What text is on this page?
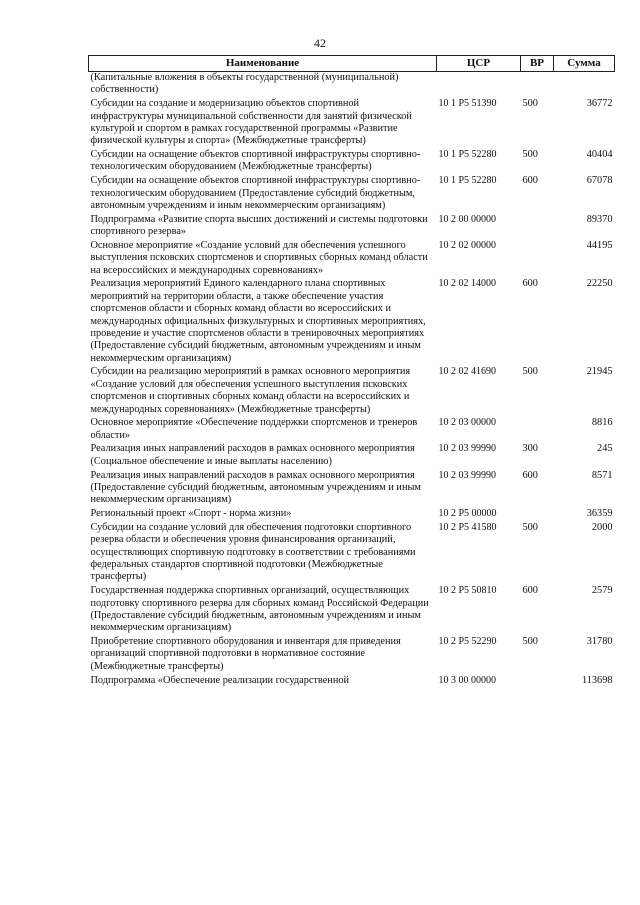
42
Наименование	ЦСР	ВР	Сумма
(Капитальные вложения в объекты государственной (муниципальной) собственности)			
Субсидии на создание и модернизацию объектов спортивной инфраструктуры муниципальной собственности для занятий физической культурой и спортом в рамках государственной программы «Развитие физической культуры и спорта» (Межбюджетные трансферты)	10 1 Р5 51390	500	36772
Субсидии на оснащение объектов спортивной инфраструктуры спортивно-технологическим оборудованием (Межбюджетные трансферты)	10 1 Р5 52280	500	40404
Субсидии на оснащение объектов спортивной инфраструктуры спортивно-технологическим оборудованием (Предоставление субсидий бюджетным, автономным учреждениям и иным некоммерческим организациям)	10 1 Р5 52280	600	67078
Подпрограмма «Развитие спорта высших достижений и системы подготовки спортивного резерва»	10 2 00 00000		89370
Основное мероприятие «Создание условий для обеспечения успешного выступления псковских спортсменов и спортивных сборных команд области на всероссийских и международных соревнованиях»	10 2 02 00000		44195
Реализация мероприятий Единого календарного плана спортивных мероприятий на территории области, а также обеспечение участия спортсменов области и сборных команд области во всероссийских и международных официальных физкультурных и спортивных мероприятиях, проведение и участие спортсменов области в тренировочных мероприятиях (Предоставление субсидий бюджетным, автономным учреждениям и иным некоммерческим организациям)	10 2 02 14000	600	22250
Субсидии на реализацию мероприятий в рамках основного мероприятия «Создание условий для обеспечения успешного выступления псковских спортсменов и спортивных сборных команд области на всероссийских и международных соревнованиях» (Межбюджетные трансферты)	10 2 02 41690	500	21945
Основное мероприятие «Обеспечение поддержки спортсменов и тренеров области»	10 2 03 00000		8816
Реализация иных направлений расходов в рамках основного мероприятия (Социальное обеспечение и иные выплаты населению)	10 2 03 99990	300	245
Реализация иных направлений расходов в рамках основного мероприятия (Предоставление субсидий бюджетным, автономным учреждениям и иным некоммерческим организациям)	10 2 03 99990	600	8571
Региональный проект «Спорт - норма жизни»	10 2 Р5 00000		36359
Субсидии на создание условий для обеспечения подготовки спортивного резерва области и обеспечения уровня финансирования организаций, осуществляющих спортивную подготовку в соответствии с требованиями федеральных стандартов спортивной подготовки (Межбюджетные трансферты)	10 2 Р5 41580	500	2000
Государственная поддержка спортивных организаций, осуществляющих подготовку спортивного резерва для сборных команд Российской Федерации (Предоставление субсидий бюджетным, автономным учреждениям и иным некоммерческим организациям)	10 2 Р5 50810	600	2579
Приобретение спортивного оборудования и инвентаря для приведения организаций спортивной подготовки в нормативное состояние (Межбюджетные трансферты)	10 2 Р5 52290	500	31780
Подпрограмма «Обеспечение реализации государственной	10 3 00 00000		113698
